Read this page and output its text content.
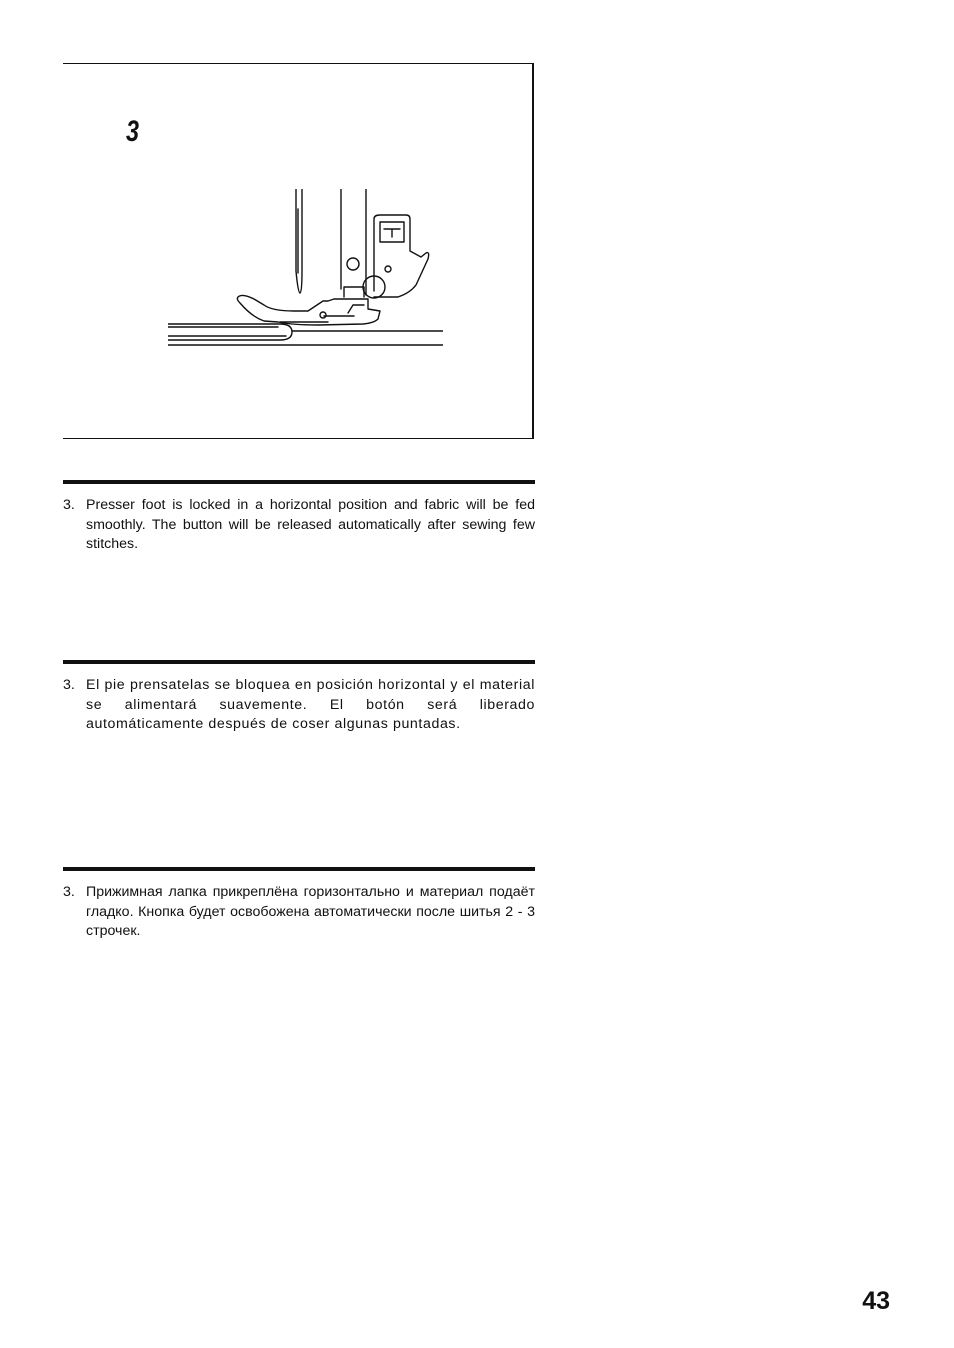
3
3. Presser foot is locked in a horizontal position and fabric will be fed smoothly. The button will be released automatically after sewing few stitches.
3. El pie prensatelas se bloquea en posición horizontal y el material se alimentará suavemente. El botón será liberado automáticamente después de coser algunas puntadas.
3. Прижимная лапка прикреплёна горизонтально и материал подаёт гладко. Кнопка будет освобожена автоматически после шитья 2 - 3 строчек.
43
